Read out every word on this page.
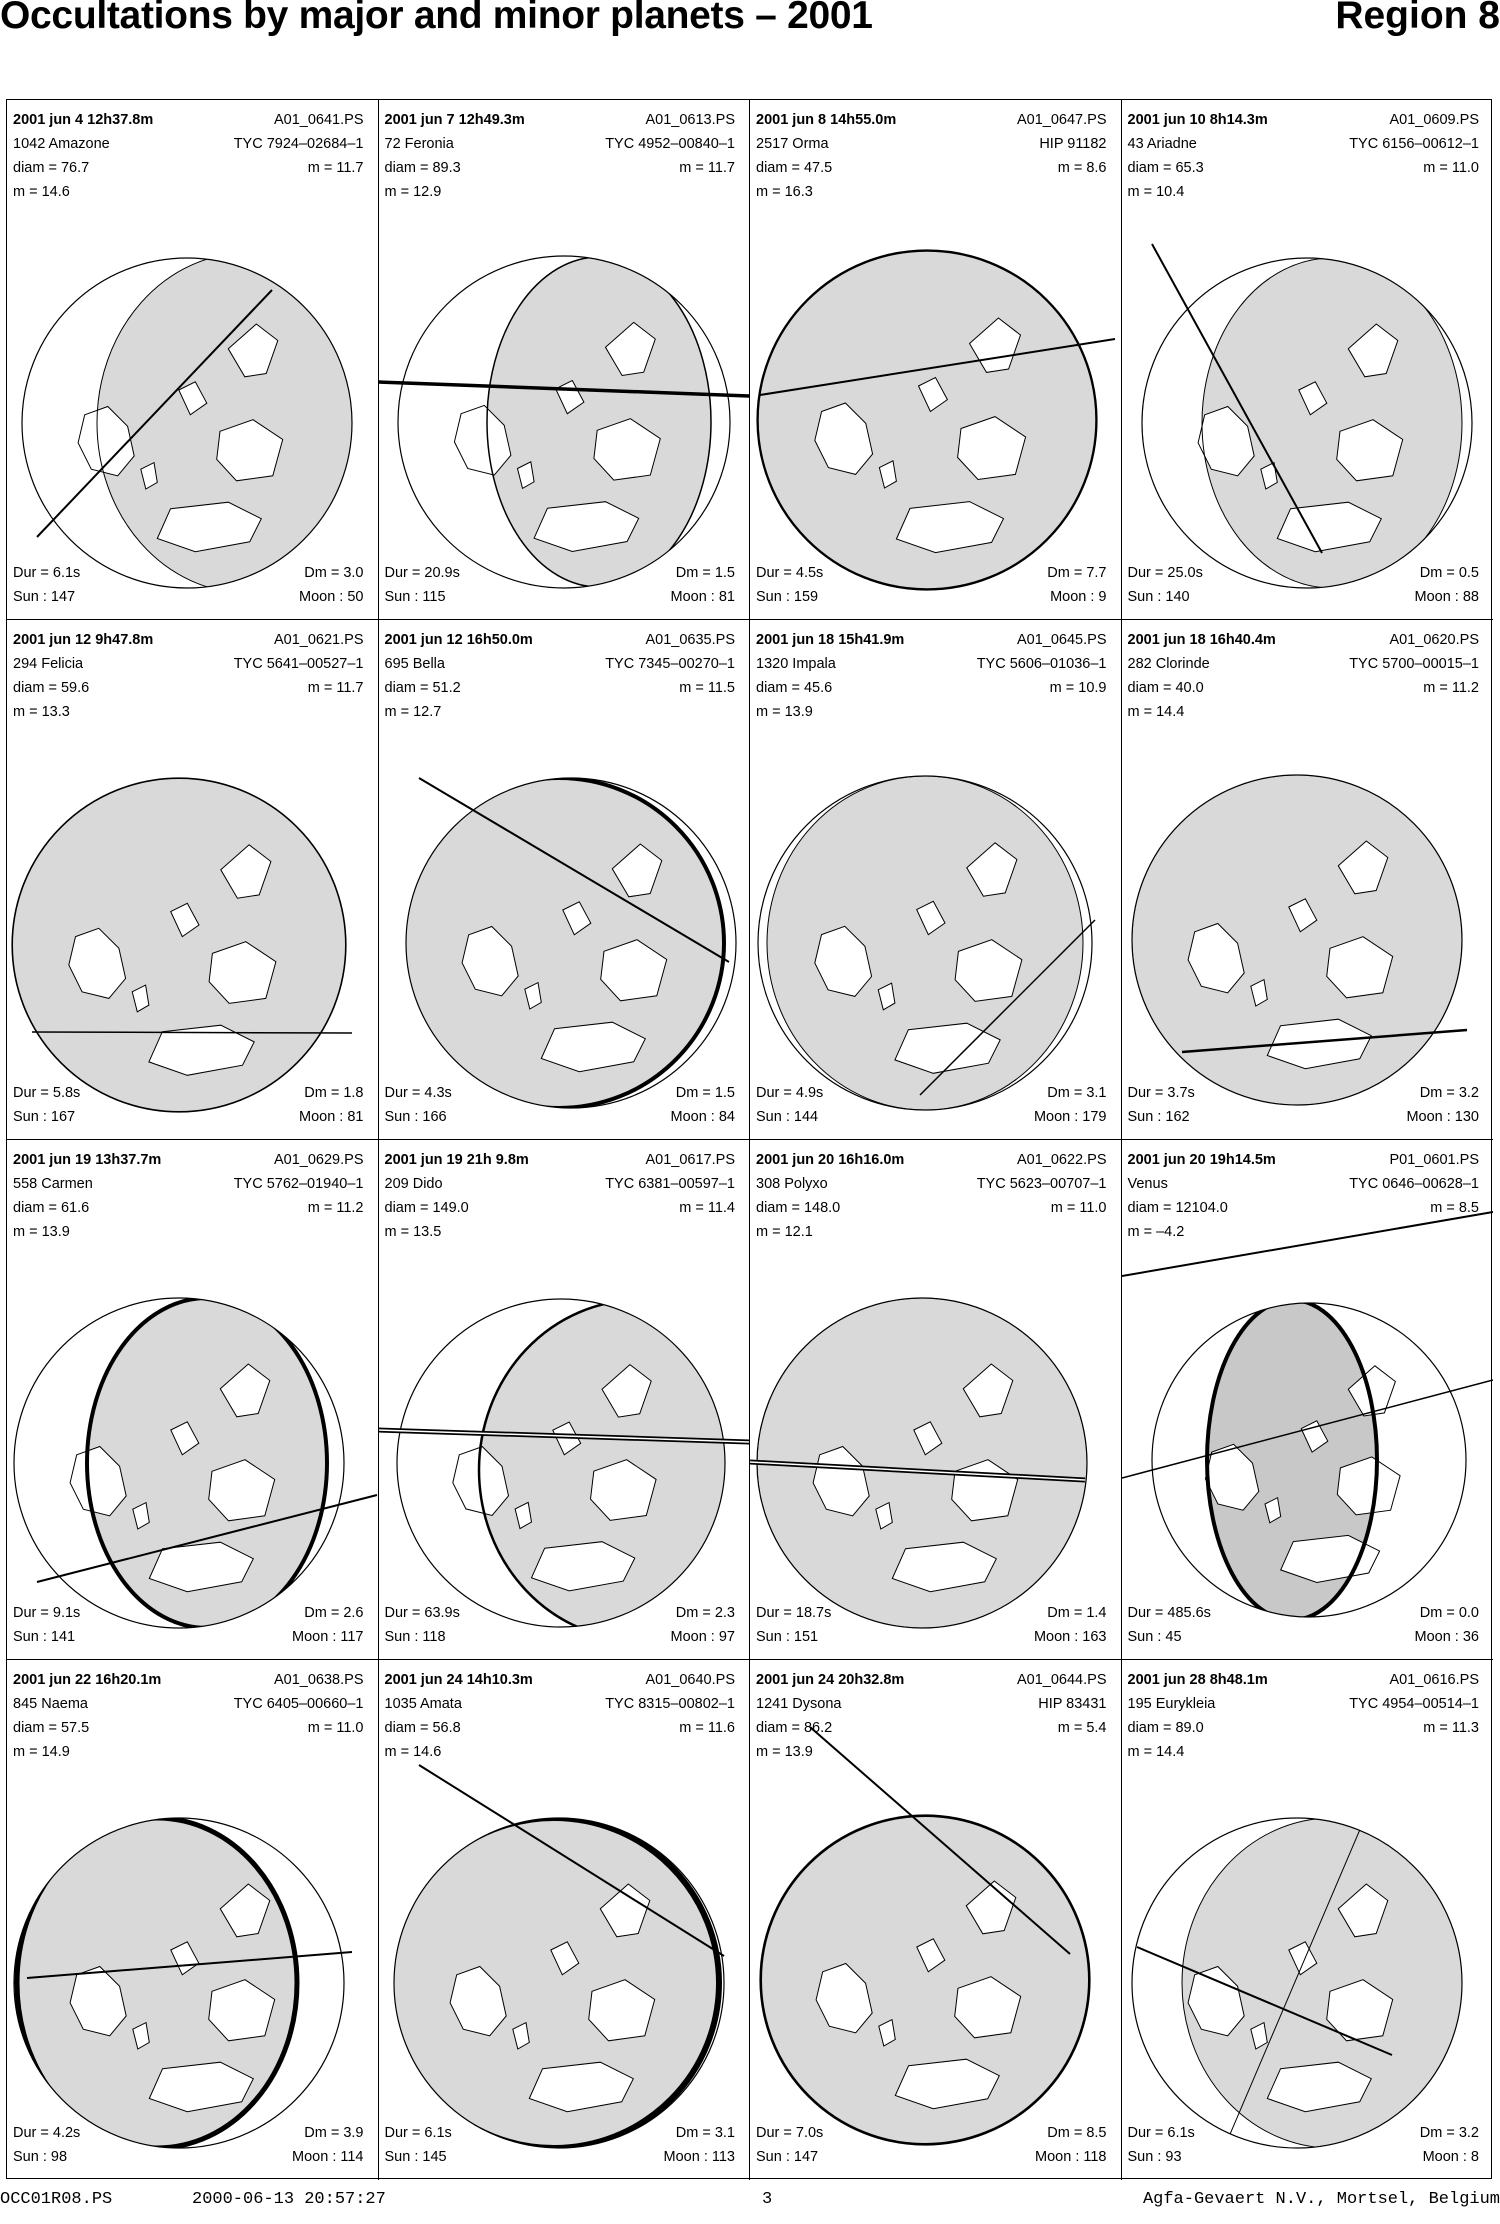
Occultations by major and minor planets – 2001	Region 8
2001 jun 4 12h37.8m	A01_0641.PS
1042 Amazone	TYC 7924–02684–1
diam = 76.7	m = 11.7
m = 14.6
Dur = 6.1s	Dm = 3.0
Sun : 147	Moon : 50
2001 jun 7 12h49.3m	A01_0613.PS
72 Feronia	TYC 4952–00840–1
diam = 89.3	m = 11.7
m = 12.9
Dur = 20.9s	Dm = 1.5
Sun : 115	Moon : 81
2001 jun 8 14h55.0m	A01_0647.PS
2517 Orma	HIP 91182
diam = 47.5	m = 8.6
m = 16.3
Dur = 4.5s	Dm = 7.7
Sun : 159	Moon : 9
2001 jun 10 8h14.3m	A01_0609.PS
43 Ariadne	TYC 6156–00612–1
diam = 65.3	m = 11.0
m = 10.4
Dur = 25.0s	Dm = 0.5
Sun : 140	Moon : 88
2001 jun 12 9h47.8m	A01_0621.PS
294 Felicia	TYC 5641–00527–1
diam = 59.6	m = 11.7
m = 13.3
Dur = 5.8s	Dm = 1.8
Sun : 167	Moon : 81
2001 jun 12 16h50.0m	A01_0635.PS
695 Bella	TYC 7345–00270–1
diam = 51.2	m = 11.5
m = 12.7
Dur = 4.3s	Dm = 1.5
Sun : 166	Moon : 84
2001 jun 18 15h41.9m	A01_0645.PS
1320 Impala	TYC 5606–01036–1
diam = 45.6	m = 10.9
m = 13.9
Dur = 4.9s	Dm = 3.1
Sun : 144	Moon : 179
2001 jun 18 16h40.4m	A01_0620.PS
282 Clorinde	TYC 5700–00015–1
diam = 40.0	m = 11.2
m = 14.4
Dur = 3.7s	Dm = 3.2
Sun : 162	Moon : 130
2001 jun 19 13h37.7m	A01_0629.PS
558 Carmen	TYC 5762–01940–1
diam = 61.6	m = 11.2
m = 13.9
Dur = 9.1s	Dm = 2.6
Sun : 141	Moon : 117
2001 jun 19 21h 9.8m	A01_0617.PS
209 Dido	TYC 6381–00597–1
diam = 149.0	m = 11.4
m = 13.5
Dur = 63.9s	Dm = 2.3
Sun : 118	Moon : 97
2001 jun 20 16h16.0m	A01_0622.PS
308 Polyxo	TYC 5623–00707–1
diam = 148.0	m = 11.0
m = 12.1
Dur = 18.7s	Dm = 1.4
Sun : 151	Moon : 163
2001 jun 20 19h14.5m	P01_0601.PS
Venus	TYC 0646–00628–1
diam = 12104.0	m = 8.5
m = –4.2
Dur = 485.6s	Dm = 0.0
Sun : 45	Moon : 36
2001 jun 22 16h20.1m	A01_0638.PS
845 Naema	TYC 6405–00660–1
diam = 57.5	m = 11.0
m = 14.9
Dur = 4.2s	Dm = 3.9
Sun : 98	Moon : 114
2001 jun 24 14h10.3m	A01_0640.PS
1035 Amata	TYC 8315–00802–1
diam = 56.8	m = 11.6
m = 14.6
Dur = 6.1s	Dm = 3.1
Sun : 145	Moon : 113
2001 jun 24 20h32.8m	A01_0644.PS
1241 Dysona	HIP 83431
diam = 86.2	m = 5.4
m = 13.9
Dur = 7.0s	Dm = 8.5
Sun : 147	Moon : 118
2001 jun 28 8h48.1m	A01_0616.PS
195 Eurykleia	TYC 4954–00514–1
diam = 89.0	m = 11.3
m = 14.4
Dur = 6.1s	Dm = 3.2
Sun : 93	Moon : 8
OCC01R08.PS	2000-06-13 20:57:27	3	Agfa-Gevaert N.V., Mortsel, Belgium
